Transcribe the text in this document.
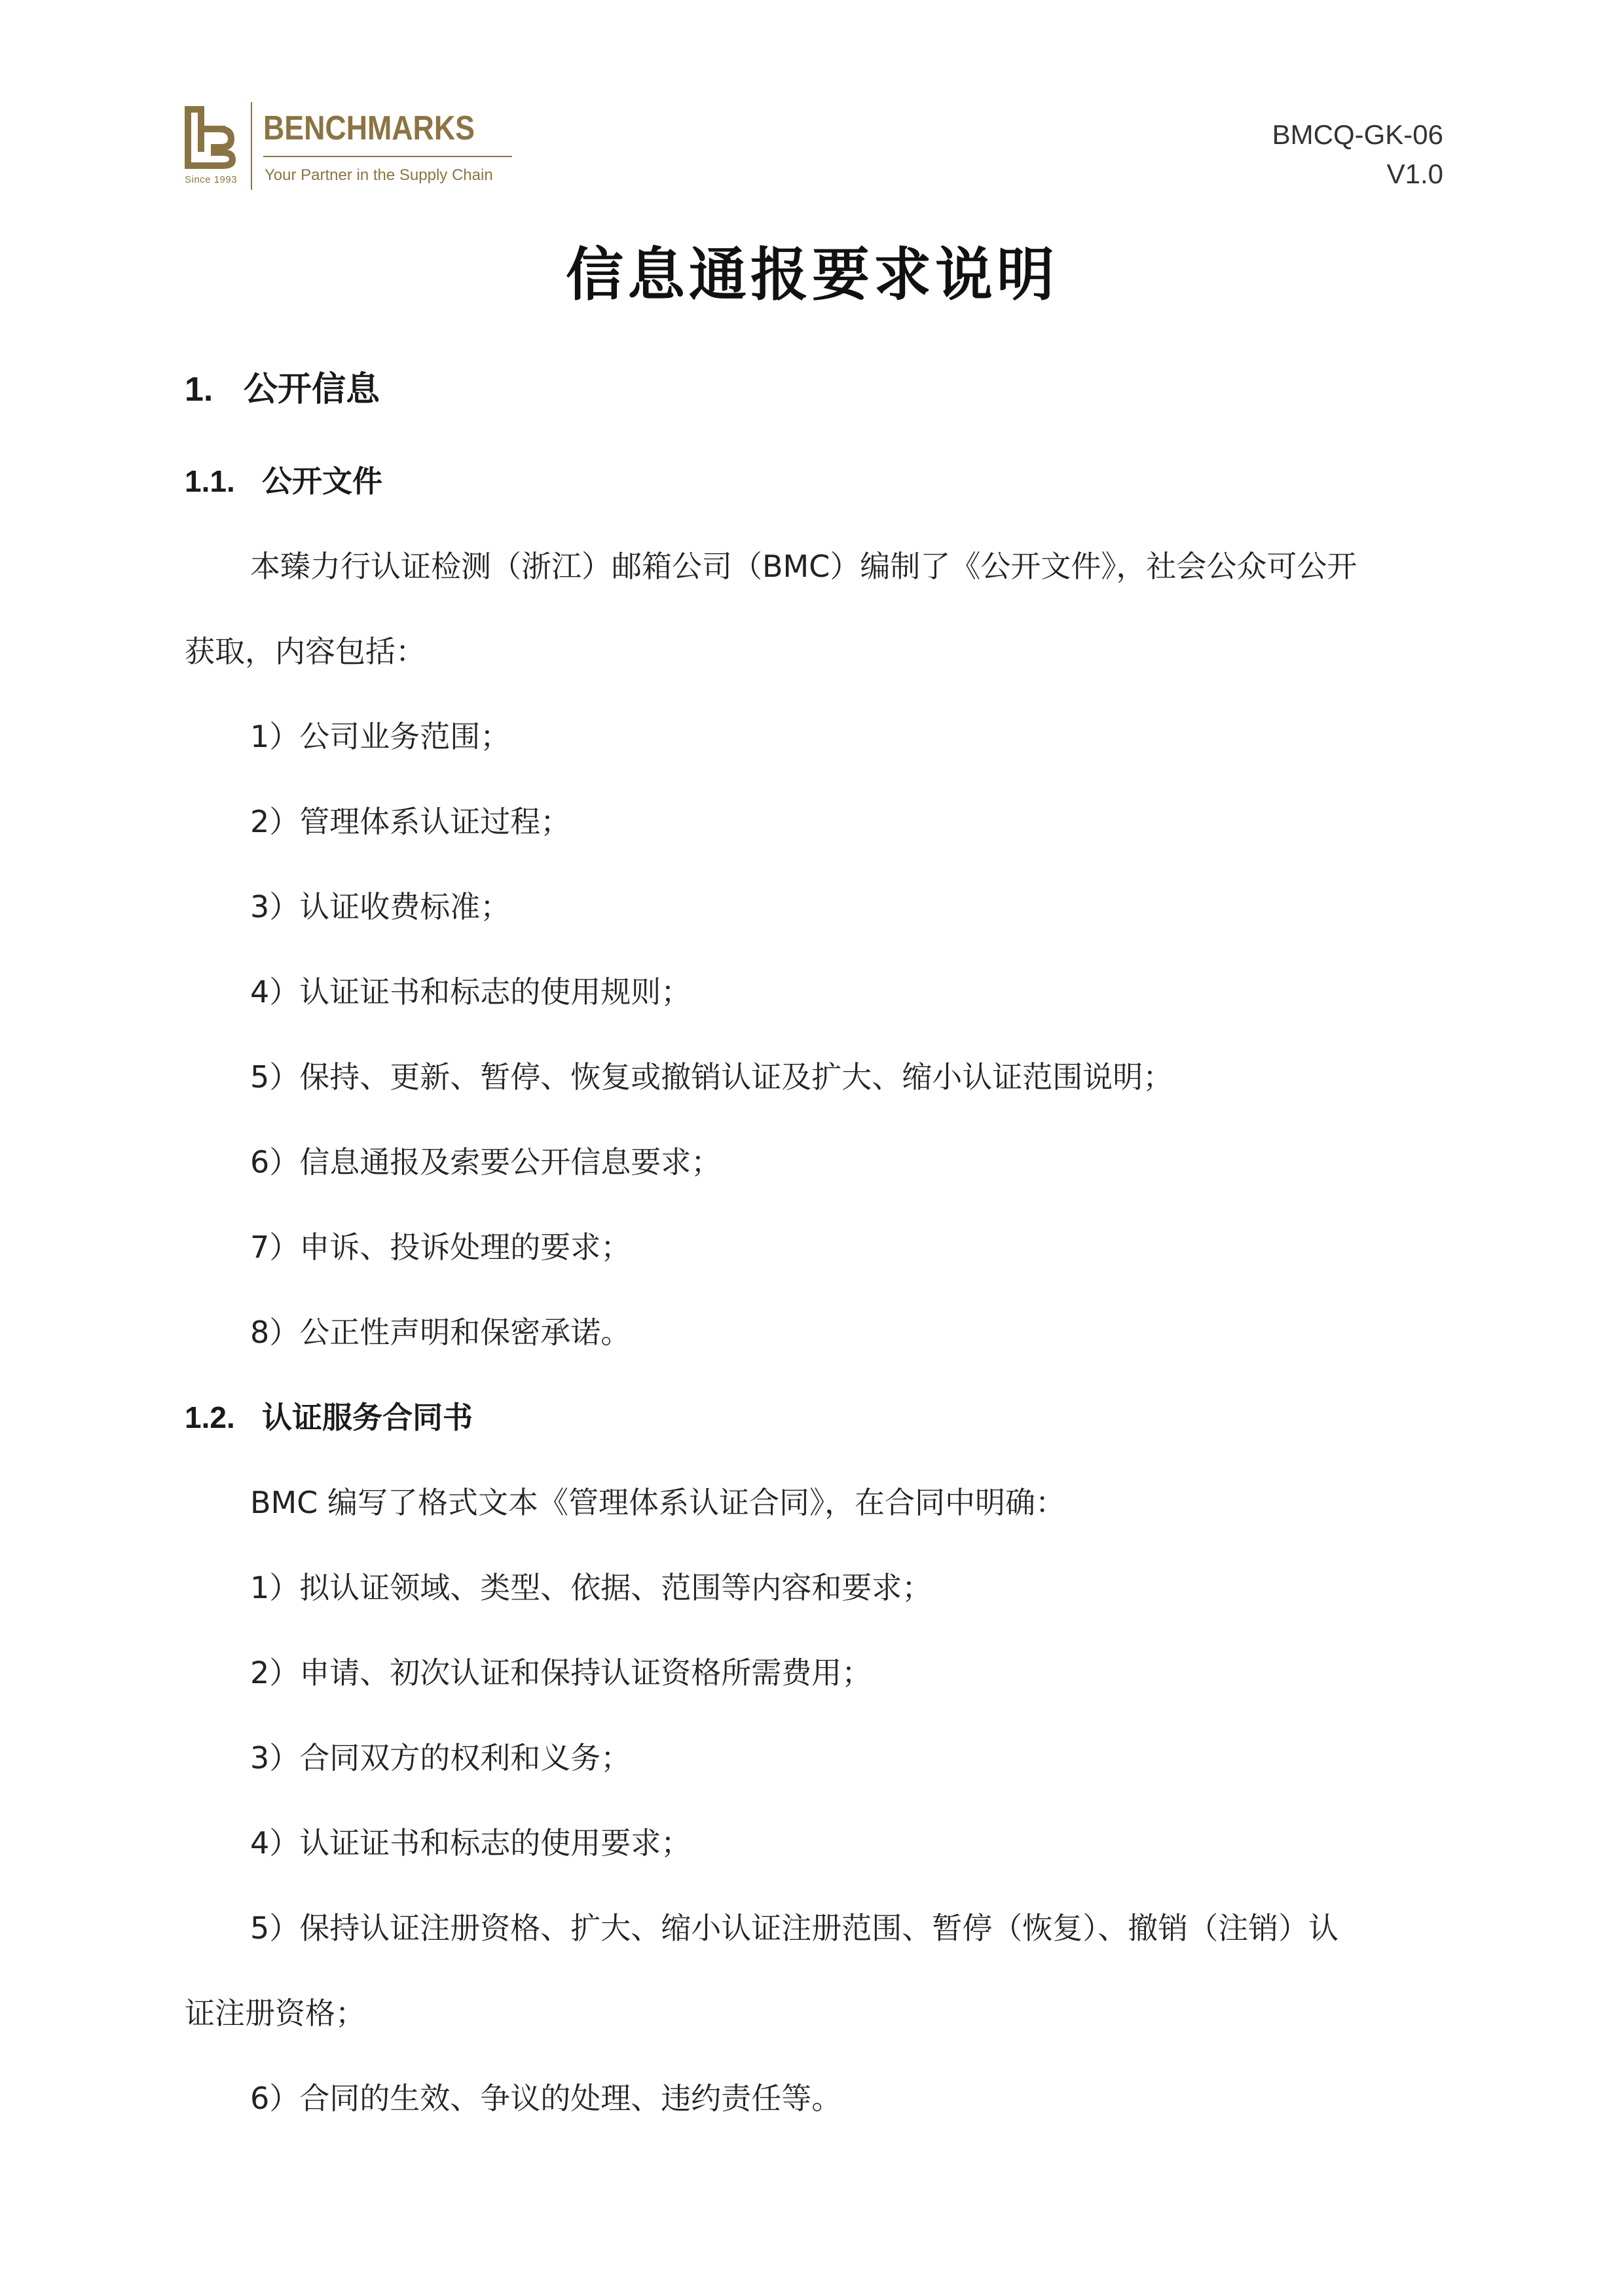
Since 1993
BENCHMARKS
Your Partner in the Supply Chain
BMCQ-GK-06
V1.0
信息通报要求说明
1. 公开信息
1.1. 公开文件
本臻力行认证检测（浙江）邮箱公司（BMC）编制了《公开文件》，社会公众可公开
获取，内容包括：
1）公司业务范围；
2）管理体系认证过程；
3）认证收费标准；
4）认证证书和标志的使用规则；
5）保持、更新、暂停、恢复或撤销认证及扩大、缩小认证范围说明；
6）信息通报及索要公开信息要求；
7）申诉、投诉处理的要求；
8）公正性声明和保密承诺。
1.2. 认证服务合同书
BMC 编写了格式文本《管理体系认证合同》，在合同中明确：
1）拟认证领域、类型、依据、范围等内容和要求；
2）申请、初次认证和保持认证资格所需费用；
3）合同双方的权利和义务；
4）认证证书和标志的使用要求；
5）保持认证注册资格、扩大、缩小认证注册范围、暂停（恢复）、撤销（注销）认
证注册资格；
6）合同的生效、争议的处理、违约责任等。
